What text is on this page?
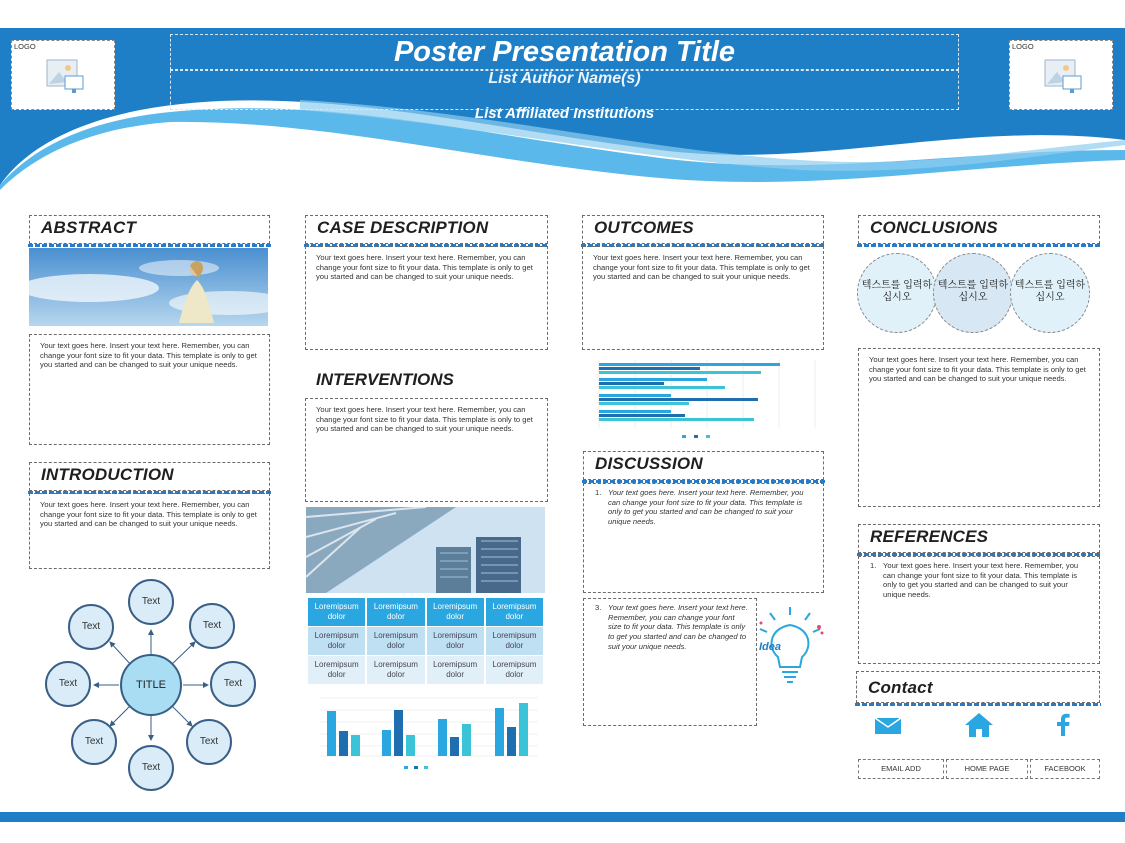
LOGO	LOGO
Poster Presentation Title
List Author Name(s)
List Affiliated Institutions
ABSTRACT
Your text goes here. Insert your text here. Remember, you can change your font size to fit your data. This template is only to get you started and can be changed to suit your unique needs.
INTRODUCTION
Your text goes here. Insert your text here. Remember, you can change your font size to fit your data. This template is only to get you started and can be changed to suit your unique needs.
TITLE
Text
Text
Text
Text
Text
Text
Text
Text
CASE DESCRIPTION
Your text goes here. Insert your text here. Remember, you can change your font size to fit your data. This template is only to get you started and can be changed to suit your unique needs.
INTERVENTIONS
Your text goes here. Insert your text here. Remember, you can change your font size to fit your data. This template is only to get you started and can be changed to suit your unique needs.
Loremipsum dolor	Loremipsum dolor	Loremipsum dolor	Loremipsum dolor
Loremipsum dolor	Loremipsum dolor	Loremipsum dolor	Loremipsum dolor
Loremipsum dolor	Loremipsum dolor	Loremipsum dolor	Loremipsum dolor
OUTCOMES
Your text goes here. Insert your text here. Remember, you can change your font size to fit your data. This template is only to get you started and can be changed to suit your unique needs.
DISCUSSION
1. Your text goes here. Insert your text here. Remember, you can change your font size to fit your data. This template is only to get you started and can be changed to suit your unique needs.
3. Your text goes here. Insert your text here. Remember, you can change your font size to fit your data. This template is only to get you started and can be changed to suit your unique needs.	Idea
CONCLUSIONS
텍스트를 입력하십시오
텍스트를 입력하십시오
텍스트를 입력하십시오
Your text goes here. Insert your text here. Remember, you can change your font size to fit your data. This template is only to get you started and can be changed to suit your unique needs.
REFERENCES
1. Your text goes here. Insert your text here. Remember, you can change your font size to fit your data. This template is only to get you started and can be changed to suit your unique needs.
Contact
EMAIL ADD	HOME PAGE	FACEBOOK
